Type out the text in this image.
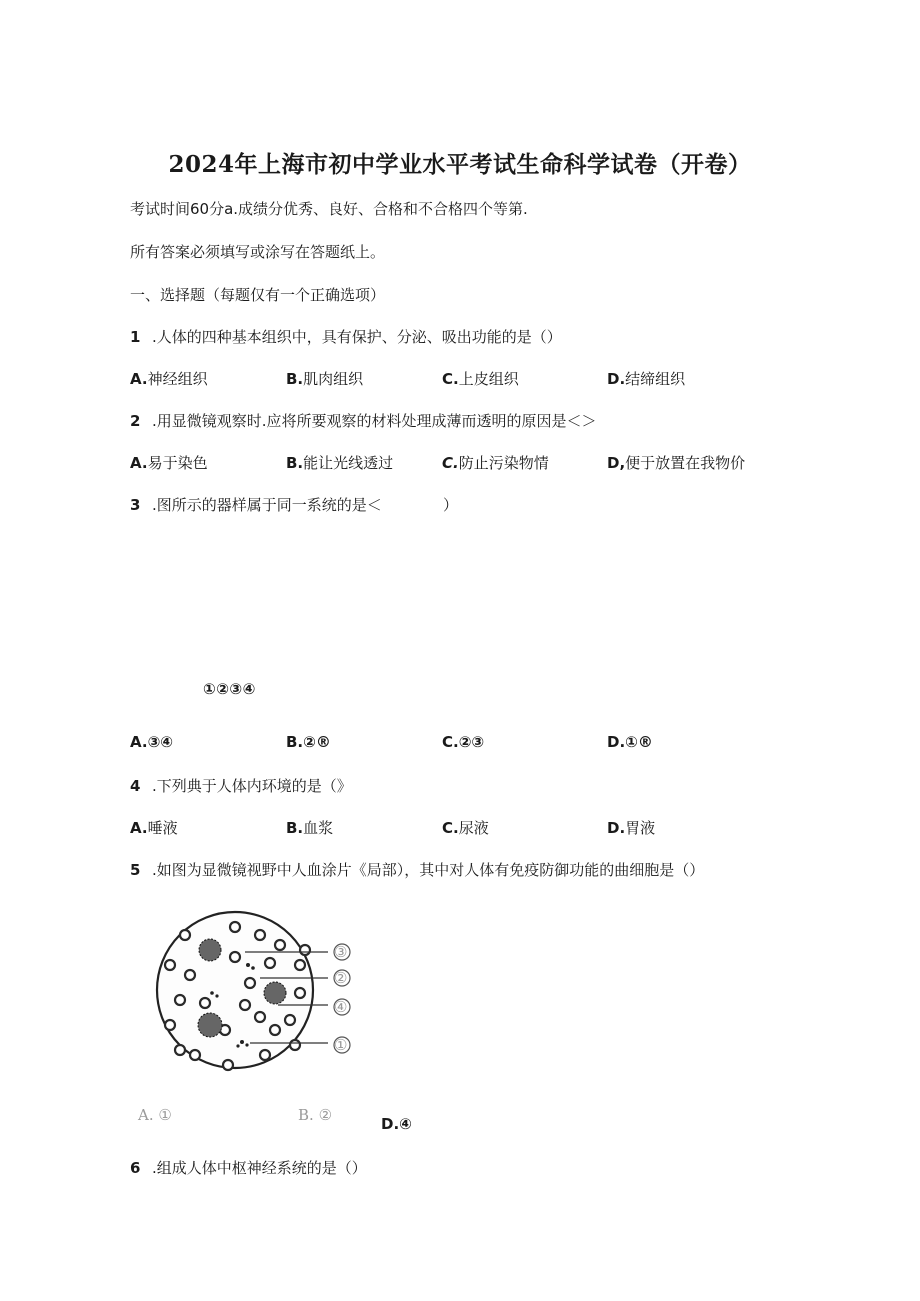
2024年上海市初中学业水平考试生命科学试卷（开卷）
考试时间60分a.成绩分优秀、良好、合格和不合格四个等第.
所有答案必须填写或涂写在答题纸上。
一、选择题（每题仅有一个正确选项）
1 .人体的四种基本组织中，具有保护、分泌、吸出功能的是（）
A.神经组织	B.肌肉组织	C.上皮组织	D.结缔组织
2 .用显微镜观察时.应将所要观察的材料处理成薄而透明的原因是＜＞
A.易于染色	B.能让光线透过	C.防止污染物情	D,便于放置在我物价
3 .图所示的器样属于同一系统的是＜	）
①②③④
A.③④	B.②®	C.②③	D.①®
4 .下列典于人体内环境的是（》
A.唾液	B.血浆	C.尿液	D.胃液
5 .如图为显微镜视野中人血涂片《局部），其中对人体有免疫防御功能的曲细胞是（）
③
②
④
①
A. ①	B. ②	D.④
6 .组成人体中枢神经系统的是（）
